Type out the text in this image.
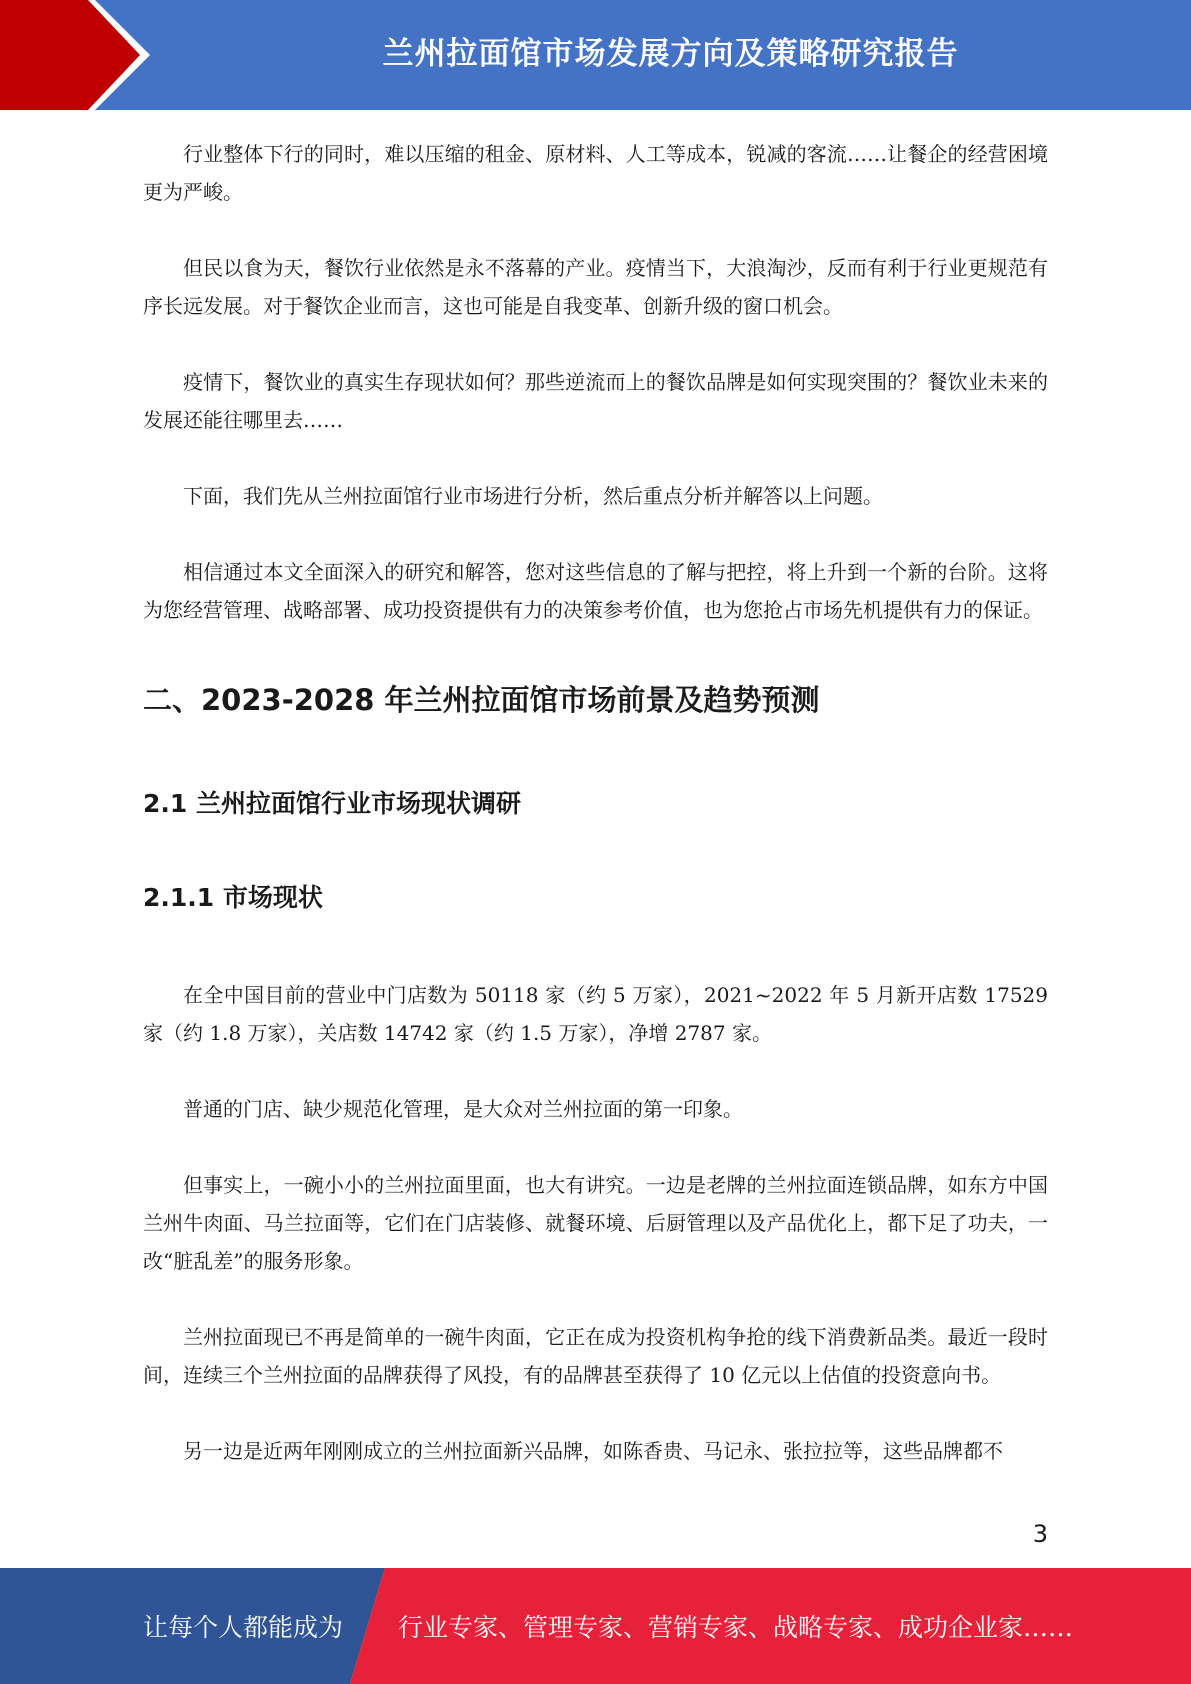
兰州拉面馆市场发展方向及策略研究报告

行业整体下行的同时，难以压缩的租金、原材料、人工等成本，锐减的客流……让餐企的经营困境更为严峻。

但民以食为天，餐饮行业依然是永不落幕的产业。疫情当下，大浪淘沙，反而有利于行业更规范有序长远发展。对于餐饮企业而言，这也可能是自我变革、创新升级的窗口机会。

疫情下，餐饮业的真实生存现状如何？那些逆流而上的餐饮品牌是如何实现突围的？餐饮业未来的发展还能往哪里去……

下面，我们先从兰州拉面馆行业市场进行分析，然后重点分析并解答以上问题。

相信通过本文全面深入的研究和解答，您对这些信息的了解与把控，将上升到一个新的台阶。这将为您经营管理、战略部署、成功投资提供有力的决策参考价值，也为您抢占市场先机提供有力的保证。

二、2023-2028 年兰州拉面馆市场前景及趋势预测
2.1 兰州拉面馆行业市场现状调研
2.1.1 市场现状

在全中国目前的营业中门店数为 50118 家（约 5 万家），2021~2022 年 5 月新开店数 17529 家（约 1.8 万家），关店数 14742 家（约 1.5 万家），净增 2787 家。

普通的门店、缺少规范化管理，是大众对兰州拉面的第一印象。

但事实上，一碗小小的兰州拉面里面，也大有讲究。一边是老牌的兰州拉面连锁品牌，如东方中国兰州牛肉面、马兰拉面等，它们在门店装修、就餐环境、后厨管理以及产品优化上，都下足了功夫，一改“脏乱差”的服务形象。

兰州拉面现已不再是简单的一碗牛肉面，它正在成为投资机构争抢的线下消费新品类。最近一段时间，连续三个兰州拉面的品牌获得了风投，有的品牌甚至获得了 10 亿元以上估值的投资意向书。

另一边是近两年刚刚成立的兰州拉面新兴品牌，如陈香贵、马记永、张拉拉等，这些品牌都不

3
让每个人都能成为 行业专家、管理专家、营销专家、战略专家、成功企业家……
